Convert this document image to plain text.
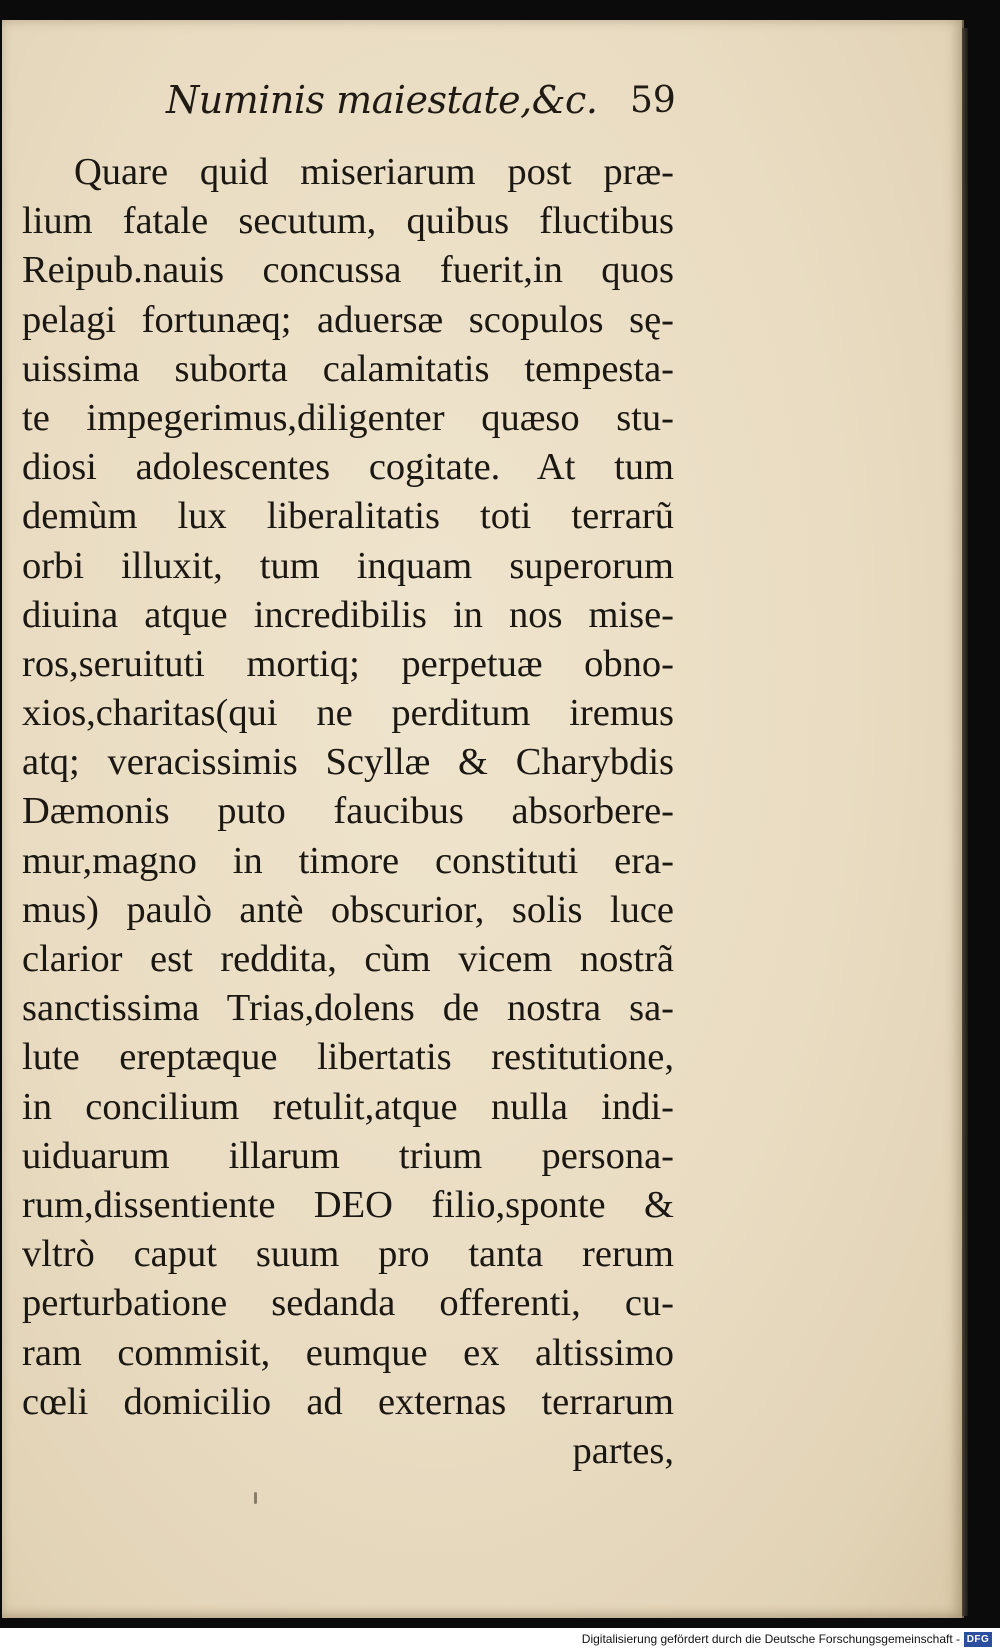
Numinis maiestate,&c. 59
Quare quid miseriarum post præ-
lium fatale secutum, quibus fluctibus
Reipub.nauis concussa fuerit,in quos
pelagi fortunæq; aduersæ scopulos sę-
uissima suborta calamitatis tempesta-
te impegerimus,diligenter quæso stu-
diosi adolescentes cogitate. At tum
demùm lux liberalitatis toti terrarũ
orbi illuxit, tum inquam superorum
diuina atque incredibilis in nos mise-
ros,seruituti mortiq; perpetuæ obno-
xios,charitas(qui ne perditum iremus
atq; veracissimis Scyllæ & Charybdis
Dæmonis puto faucibus absorbere-
mur,magno in timore constituti era-
mus) paulò antè obscurior, solis luce
clarior est reddita, cùm vicem nostrã
sanctissima Trias,dolens de nostra sa-
lute ereptæque libertatis restitutione,
in concilium retulit,atque nulla indi-
uiduarum illarum trium persona-
rum,dissentiente DEO filio,sponte &
vltrò caput suum pro tanta rerum
perturbatione sedanda offerenti, cu-
ram commisit, eumque ex altissimo
cœli domicilio ad externas terrarum
partes,
Digitalisierung gefördert durch die Deutsche Forschungsgemeinschaft - DFG
